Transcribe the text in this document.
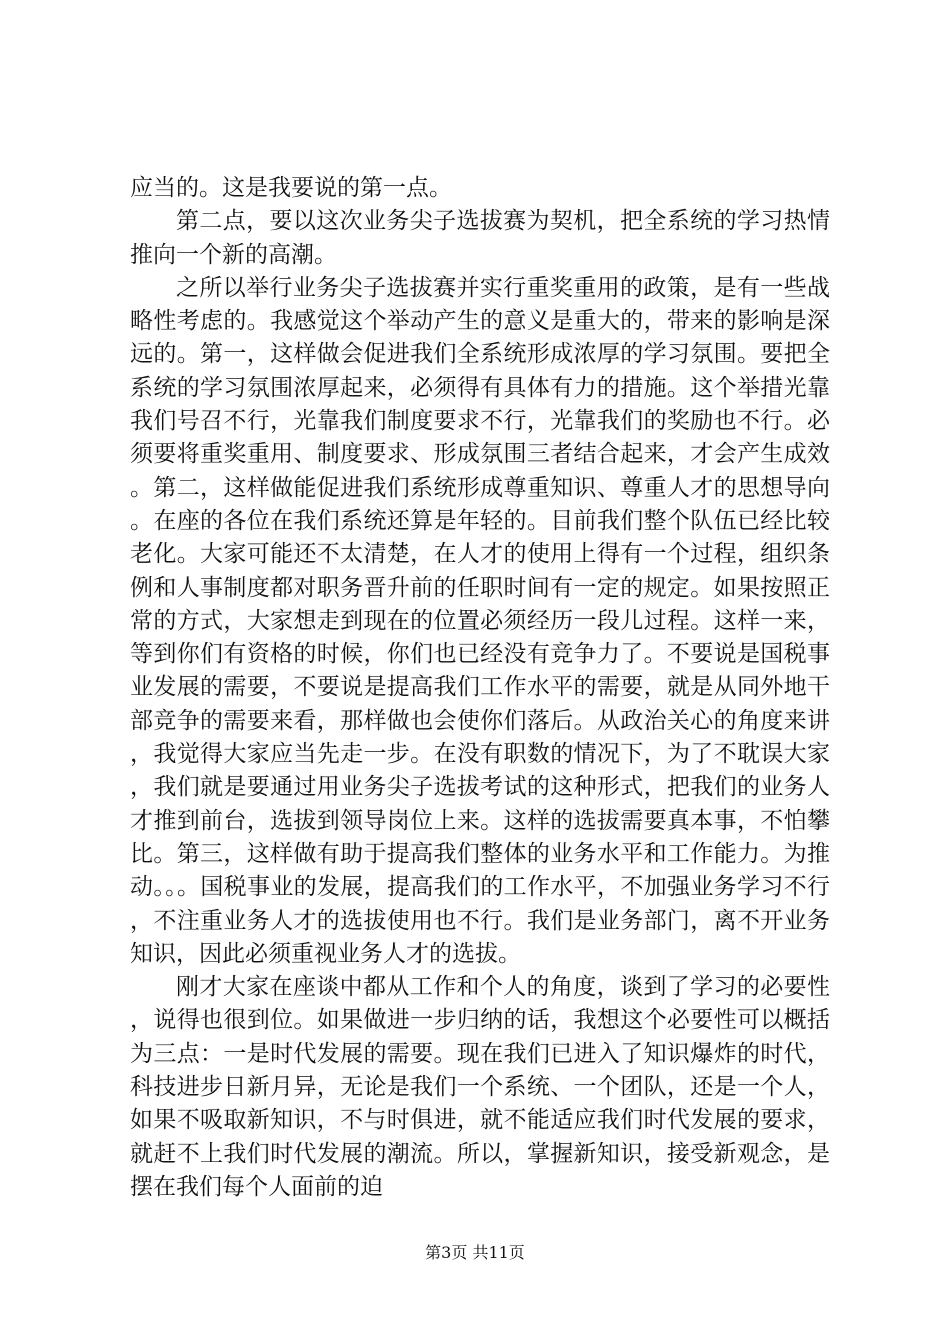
应当的。这是我要说的第一点。

第二点，要以这次业务尖子选拔赛为契机，把全系统的学习热情推向一个新的高潮。

之所以举行业务尖子选拔赛并实行重奖重用的政策，是有一些战略性考虑的。我感觉这个举动产生的意义是重大的，带来的影响是深远的。第一，这样做会促进我们全系统形成浓厚的学习氛围。要把全系统的学习氛围浓厚起来，必须得有具体有力的措施。这个举措光靠我们号召不行，光靠我们制度要求不行，光靠我们的奖励也不行。必须要将重奖重用、制度要求、形成氛围三者结合起来，才会产生成效。第二，这样做能促进我们系统形成尊重知识、尊重人才的思想导向。在座的各位在我们系统还算是年轻的。目前我们整个队伍已经比较老化。大家可能还不太清楚，在人才的使用上得有一个过程，组织条例和人事制度都对职务晋升前的任职时间有一定的规定。如果按照正常的方式，大家想走到现在的位置必须经历一段儿过程。这样一来，等到你们有资格的时候，你们也已经没有竞争力了。不要说是国税事业发展的需要，不要说是提高我们工作水平的需要，就是从同外地干部竞争的需要来看，那样做也会使你们落后。从政治关心的角度来讲，我觉得大家应当先走一步。在没有职数的情况下，为了不耽误大家，我们就是要通过用业务尖子选拔考试的这种形式，把我们的业务人才推到前台，选拔到领导岗位上来。这样的选拔需要真本事，不怕攀比。第三，这样做有助于提高我们整体的业务水平和工作能力。为推动。。。国税事业的发展，提高我们的工作水平，不加强业务学习不行，不注重业务人才的选拔使用也不行。我们是业务部门，离不开业务知识，因此必须重视业务人才的选拔。

刚才大家在座谈中都从工作和个人的角度，谈到了学习的必要性，说得也很到位。如果做进一步归纳的话，我想这个必要性可以概括为三点：一是时代发展的需要。现在我们已进入了知识爆炸的时代，科技进步日新月异，无论是我们一个系统、一个团队，还是一个人，如果不吸取新知识，不与时俱进，就不能适应我们时代发展的要求，就赶不上我们时代发展的潮流。所以，掌握新知识，接受新观念，是摆在我们每个人面前的迫

第3页 共11页
